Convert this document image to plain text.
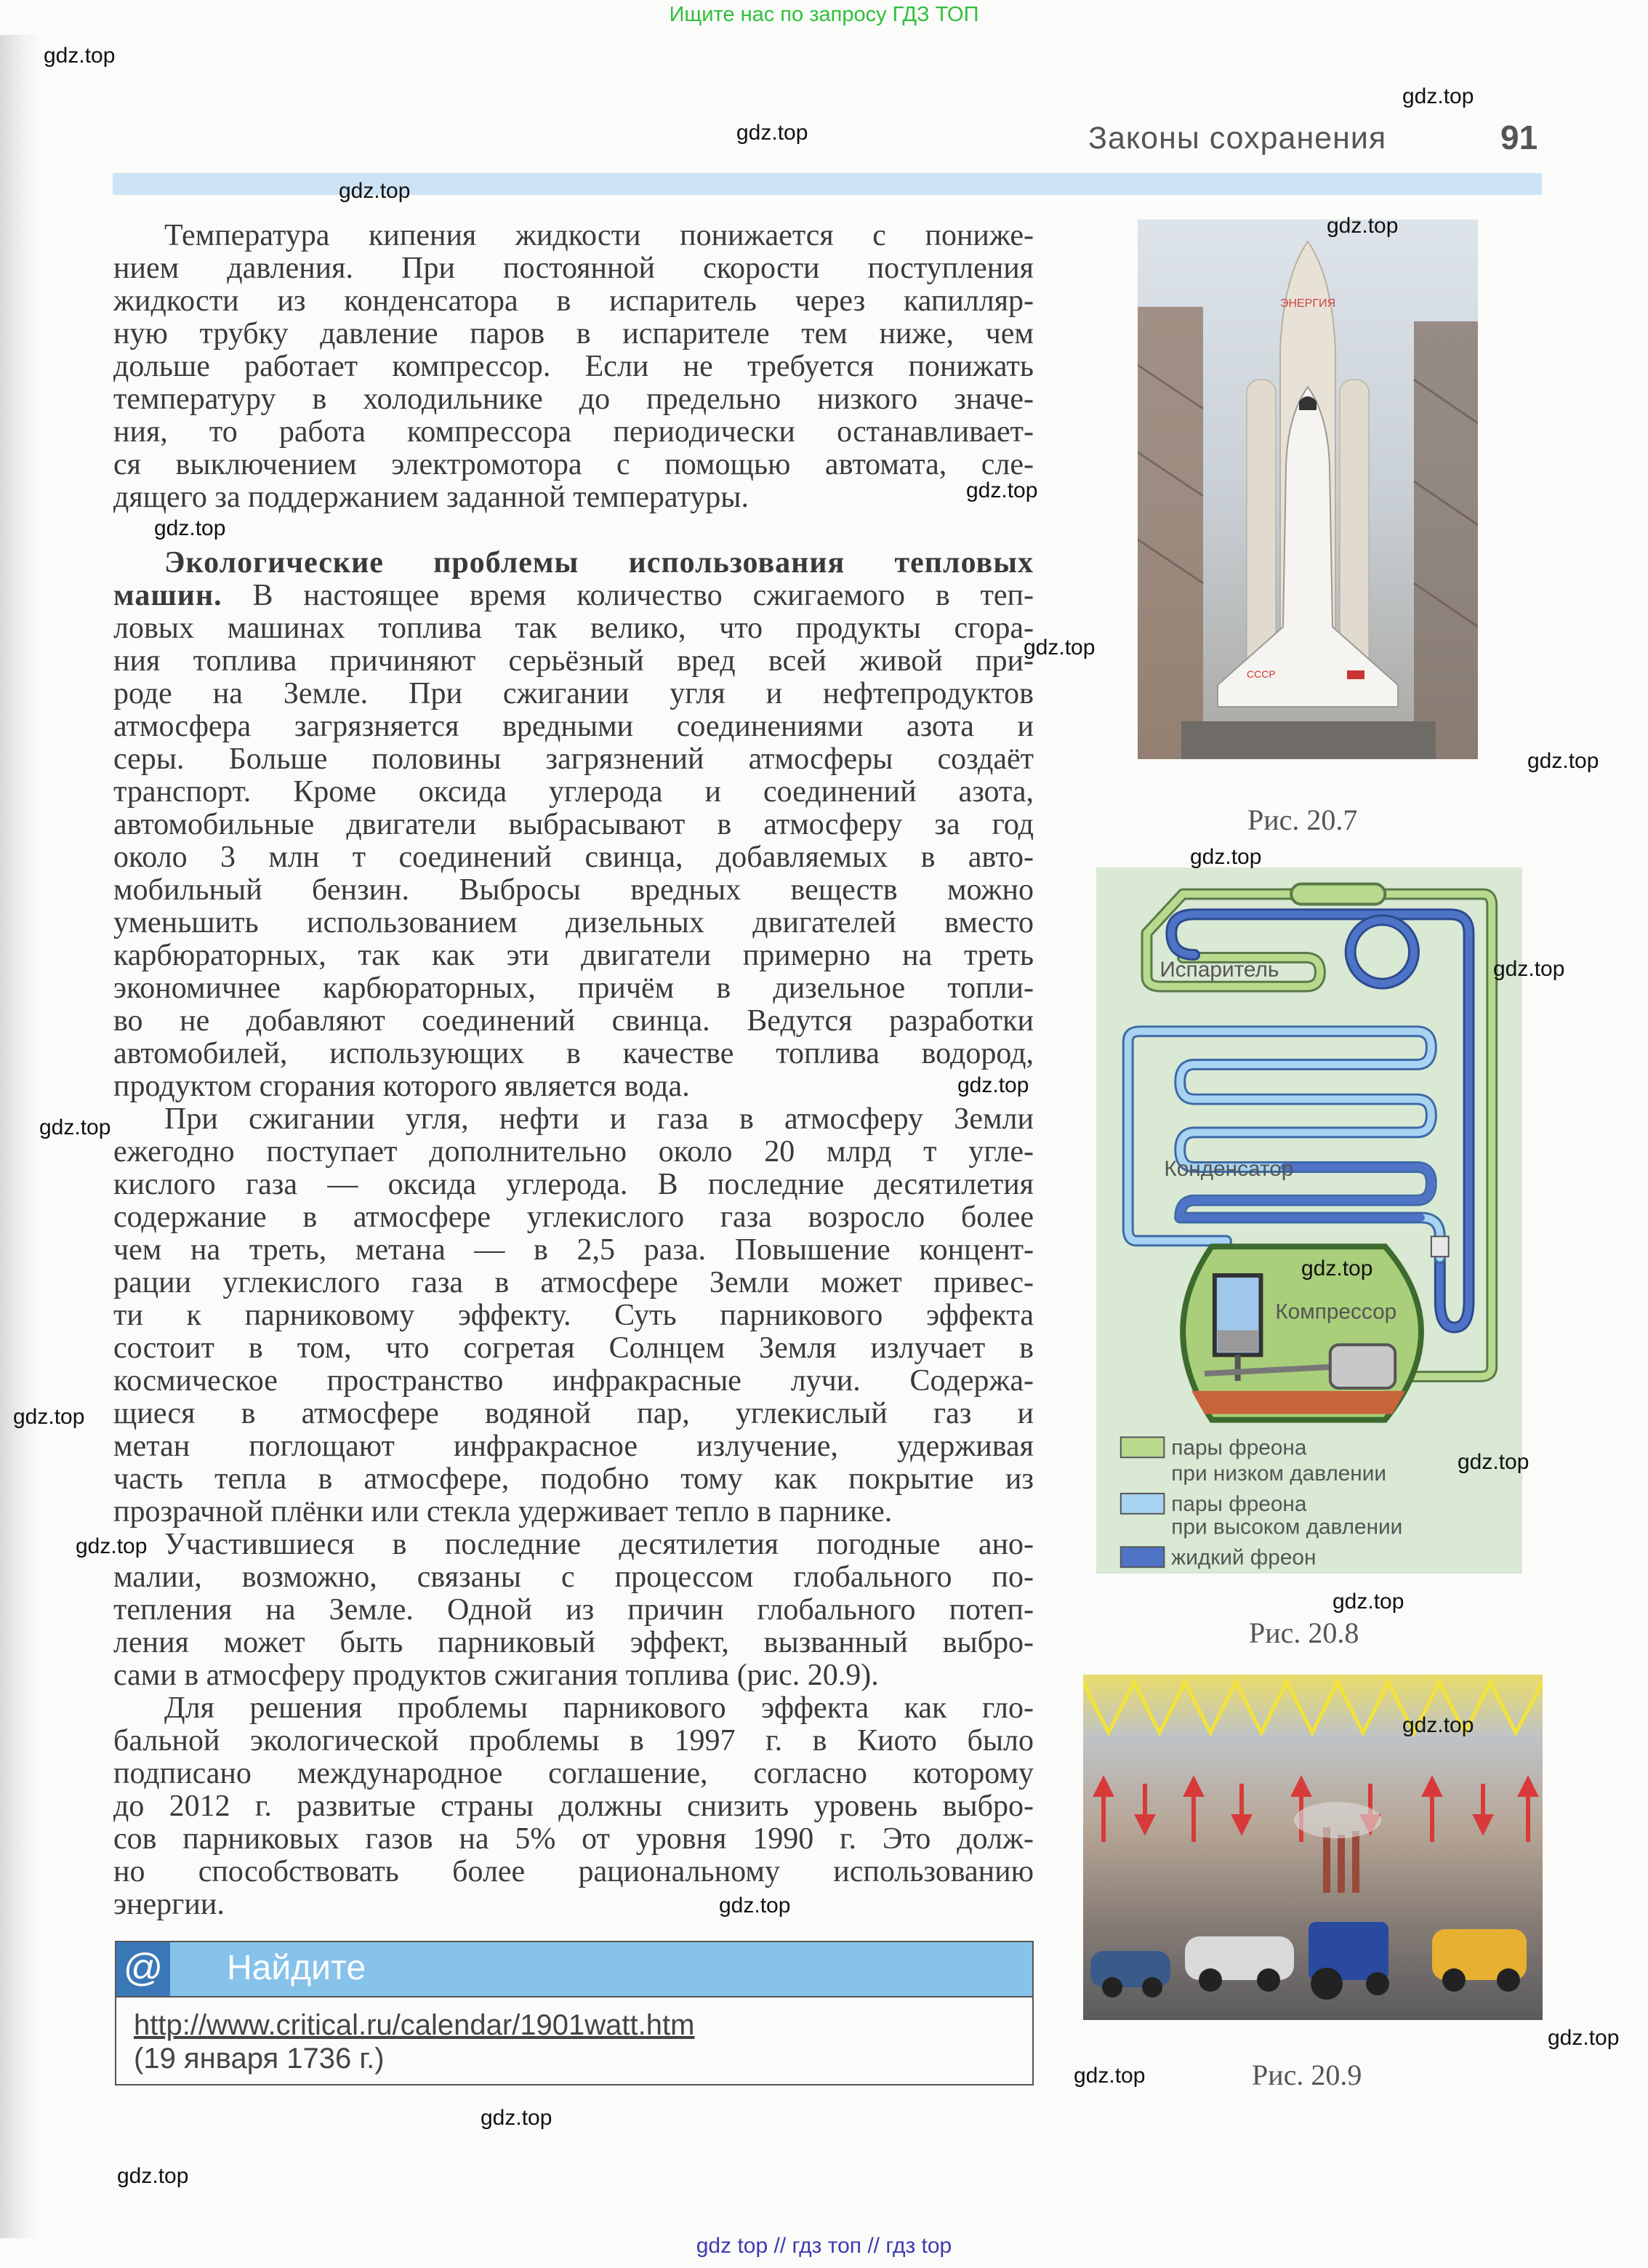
Ищите нас по запросу ГДЗ ТОП
Законы сохранения	91
Температура кипения жидкости понижается с пониже-
нием давления. При постоянной скорости поступления
жидкости из конденсатора в испаритель через капилляр-
ную трубку давление паров в испарителе тем ниже, чем
дольше работает компрессор. Если не требуется понижать
температуру в холодильнике до предельно низкого значе-
ния, то работа компрессора периодически останавливает-
ся выключением электромотора с помощью автомата, сле-
дящего за поддержанием заданной температуры.
Экологические проблемы использования тепловых
машин. В настоящее время количество сжигаемого в теп-
ловых машинах топлива так велико, что продукты сгора-
ния топлива причиняют серьёзный вред всей живой при-
роде на Земле. При сжигании угля и нефтепродуктов
атмосфера загрязняется вредными соединениями азота и
серы. Больше половины загрязнений атмосферы создаёт
транспорт. Кроме оксида углерода и соединений азота,
автомобильные двигатели выбрасывают в атмосферу за год
около 3 млн т соединений свинца, добавляемых в авто-
мобильный бензин. Выбросы вредных веществ можно
уменьшить использованием дизельных двигателей вместо
карбюраторных, так как эти двигатели примерно на треть
экономичнее карбюраторных, причём в дизельное топли-
во не добавляют соединений свинца. Ведутся разработки
автомобилей, использующих в качестве топлива водород,
продуктом сгорания которого является вода.
При сжигании угля, нефти и газа в атмосферу Земли
ежегодно поступает дополнительно около 20 млрд т угле-
кислого газа — оксида углерода. В последние десятилетия
содержание в атмосфере углекислого газа возросло более
чем на треть, метана — в 2,5 раза. Повышение концент-
рации углекислого газа в атмосфере Земли может привес-
ти к парниковому эффекту. Суть парникового эффекта
состоит в том, что согретая Солнцем Земля излучает в
космическое пространство инфракрасные лучи. Содержа-
щиеся в атмосфере водяной пар, углекислый газ и
метан поглощают инфракрасное излучение, удерживая
часть тепла в атмосфере, подобно тому как покрытие из
прозрачной плёнки или стекла удерживает тепло в парнике.
Участившиеся в последние десятилетия погодные ано-
малии, возможно, связаны с процессом глобального по-
тепления на Земле. Одной из причин глобального потеп-
ления может быть парниковый эффект, вызванный выбро-
сами в атмосферу продуктов сжигания топлива (рис. 20.9).
Для решения проблемы парникового эффекта как гло-
бальной экологической проблемы в 1997 г. в Киото было
подписано международное соглашение, согласно которому
до 2012 г. развитые страны должны снизить уровень выбро-
сов парниковых газов на 5% от уровня 1990 г. Это долж-
но способствовать более рациональному использованию
энергии.
ЭНЕРГИЯ
СССР
Рис. 20.7
Испаритель
Конденсатор
Компрессор
пары фреона
при низком давлении
пары фреона
при высоком давлении
жидкий фреон
Рис. 20.8
Рис. 20.9
@ Найдите
http://www.critical.ru/calendar/1901watt.htm
(19 января 1736 г.)
gdz.top
gdz.top
gdz.top
gdz.top
gdz.top
gdz.top
gdz.top
gdz.top
gdz.top
gdz.top
gdz.top
gdz.top
gdz.top
gdz.top
gdz.top
gdz.top
gdz.top
gdz.top
gdz.top
gdz.top
gdz.top
gdz.top
gdz.top
gdz.top
gdz top // гдз топ // гдз top
